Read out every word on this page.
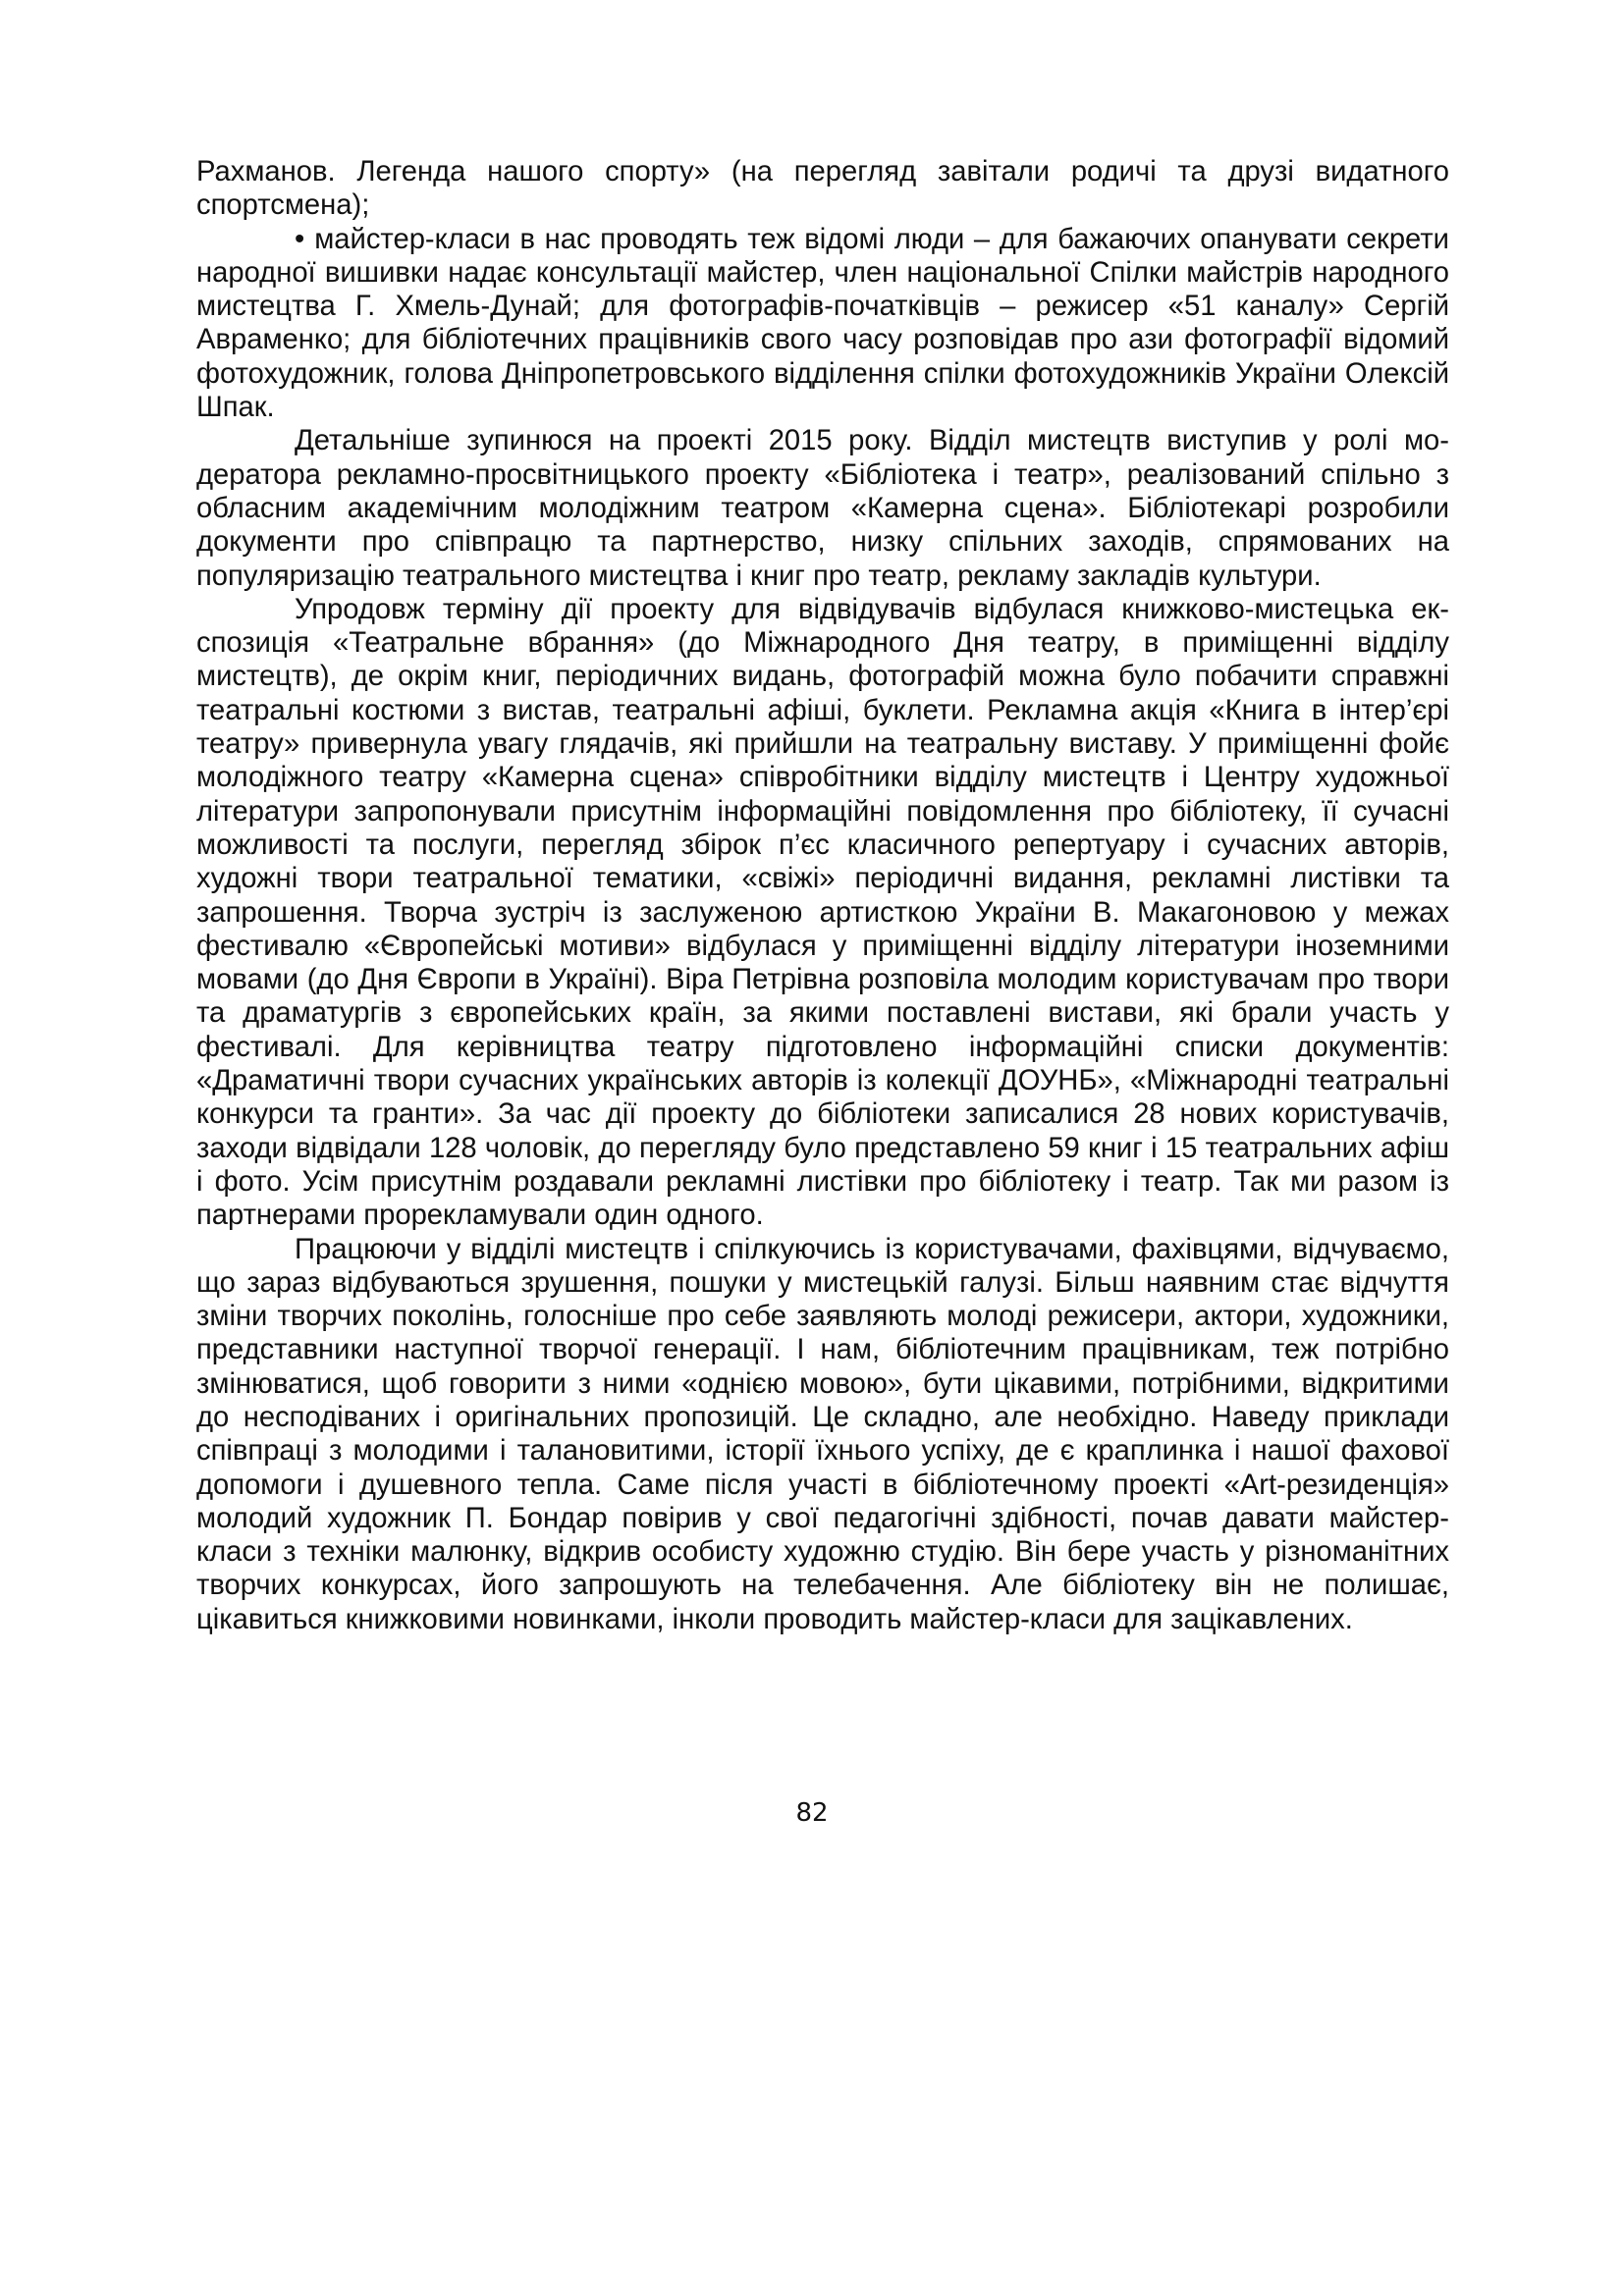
Рахманов. Легенда нашого спорту» (на перегляд завітали родичі та друзі видатного спортсмена);

• майстер-класи в нас проводять теж відомі люди – для бажаючих опанувати секрети народної вишивки надає консультації майстер, член національної Спілки майстрів народного мистецтва Г. Хмель-Дунай; для фотографів-початківців – режисер «51 каналу» Сергій Авраменко; для бібліотечних працівників свого часу розповідав про ази фотографії відомий фотохудожник, голова Дніпропетровського відділення спілки фотохудожників України Олексій Шпак.

Детальніше зупинюся на проекті 2015 року. Відділ мистецтв виступив у ролі модератора рекламно-просвітницького проекту «Бібліотека і театр», реалізований спільно з обласним академічним молодіжним театром «Камерна сцена». Бібліотекарі розробили документи про співпрацю та партнерство, низку спільних заходів, спрямованих на популяризацію театрального мистецтва і книг про театр, рекламу закладів культури.

Упродовж терміну дії проекту для відвідувачів відбулася книжково-мистецька експозиція «Театральне вбрання» (до Міжнародного Дня театру, в приміщенні відділу мистецтв), де окрім книг, періодичних видань, фотографій можна було побачити справжні театральні костюми з вистав, театральні афіші, буклети. Рекламна акція «Книга в інтер’єрі театру» привернула увагу глядачів, які прийшли на театральну виставу. У приміщенні фойє молодіжного театру «Камерна сцена» співробітники відділу мистецтв і Центру художньої літератури запропонували присутнім інформаційні повідомлення про бібліотеку, її сучасні можливості та послуги, перегляд збірок п’єс класичного репертуару і сучасних авторів, художні твори театральної тематики, «свіжі» періодичні видання, рекламні листівки та запрошення. Творча зустріч із заслуженою артисткою України В. Макагоновою у межах фестивалю «Європейські мотиви» відбулася у приміщенні відділу літератури іноземними мовами (до Дня Європи в Україні). Віра Петрівна розповіла молодим користувачам про твори та драматургів з європейських країн, за якими поставлені вистави, які брали участь у фестивалі. Для керівництва театру підготовлено інформаційні списки документів: «Драматичні твори сучасних українських авторів із колекції ДОУНБ», «Міжнародні театральні конкурси та гранти». За час дії проекту до бібліотеки записалися 28 нових користувачів, заходи відвідали 128 чоловік, до перегляду було представлено 59 книг і 15 театральних афіш і фото. Усім присутнім роздавали рекламні листівки про бібліотеку і театр. Так ми разом із партнерами прорекламували один одного.

Працюючи у відділі мистецтв і спілкуючись із користувачами, фахівцями, відчуваємо, що зараз відбуваються зрушення, пошуки у мистецькій галузі. Більш наявним стає відчуття зміни творчих поколінь, голосніше про себе заявляють молоді режисери, актори, художники, представники наступної творчої генерації. І нам, бібліотечним працівникам, теж потрібно змінюватися, щоб говорити з ними «однією мовою», бути цікавими, потрібними, відкритими до несподіваних і оригінальних пропозицій. Це складно, але необхідно. Наведу приклади співпраці з молодими і талановитими, історії їхнього успіху, де є краплинка і нашої фахової допомоги і душевного тепла. Саме після участі в бібліотечному проекті «Art-резиденція» молодий художник П. Бондар повірив у свої педагогічні здібності, почав давати майстер-класи з техніки малюнку, відкрив особисту художню студію. Він бере участь у різноманітних творчих конкурсах, його запрошують на телебачення. Але бібліотеку він не полишає, цікавиться книжковими новинками, інколи проводить майстер-класи для зацікавлених.

82
